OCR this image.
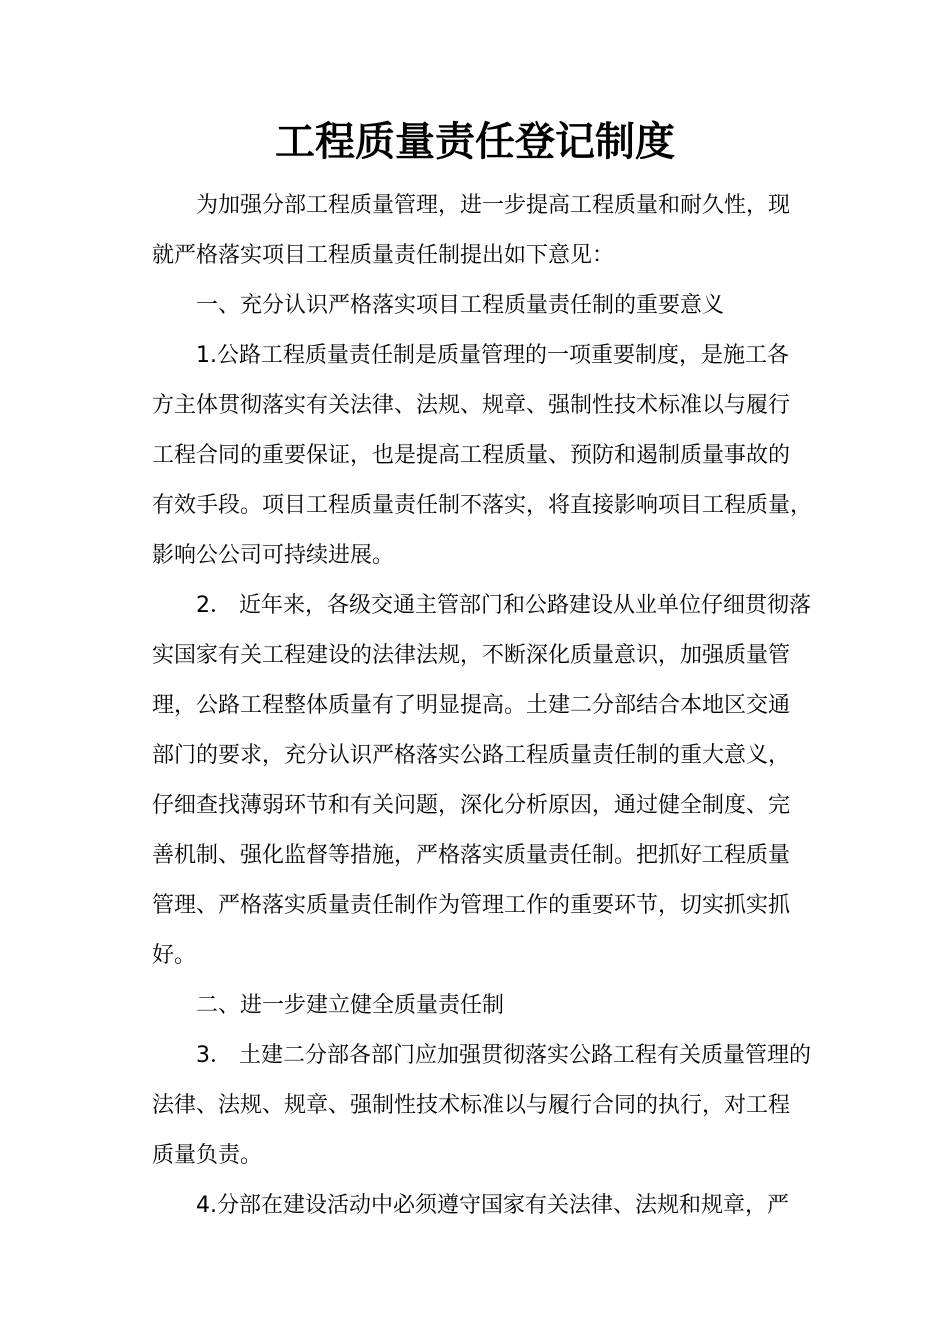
工程质量责任登记制度

为加强分部工程质量管理，进一步提高工程质量和耐久性，现

就严格落实项目工程质量责任制提出如下意见：

一、充分认识严格落实项目工程质量责任制的重要意义

1.公路工程质量责任制是质量管理的一项重要制度，是施工各

方主体贯彻落实有关法律、法规、规章、强制性技术标准以与履行

工程合同的重要保证，也是提高工程质量、预防和遏制质量事故的

有效手段。项目工程质量责任制不落实，将直接影响项目工程质量，

影响公公司可持续进展。

2． 近年来，各级交通主管部门和公路建设从业单位仔细贯彻落

实国家有关工程建设的法律法规，不断深化质量意识，加强质量管

理，公路工程整体质量有了明显提高。土建二分部结合本地区交通

部门的要求，充分认识严格落实公路工程质量责任制的重大意义，

仔细查找薄弱环节和有关问题，深化分析原因，通过健全制度、完

善机制、强化监督等措施，严格落实质量责任制。把抓好工程质量

管理、严格落实质量责任制作为管理工作的重要环节，切实抓实抓

好。

二、进一步建立健全质量责任制

3． 土建二分部各部门应加强贯彻落实公路工程有关质量管理的

法律、法规、规章、强制性技术标准以与履行合同的执行，对工程

质量负责。

4.分部在建设活动中必须遵守国家有关法律、法规和规章，严
